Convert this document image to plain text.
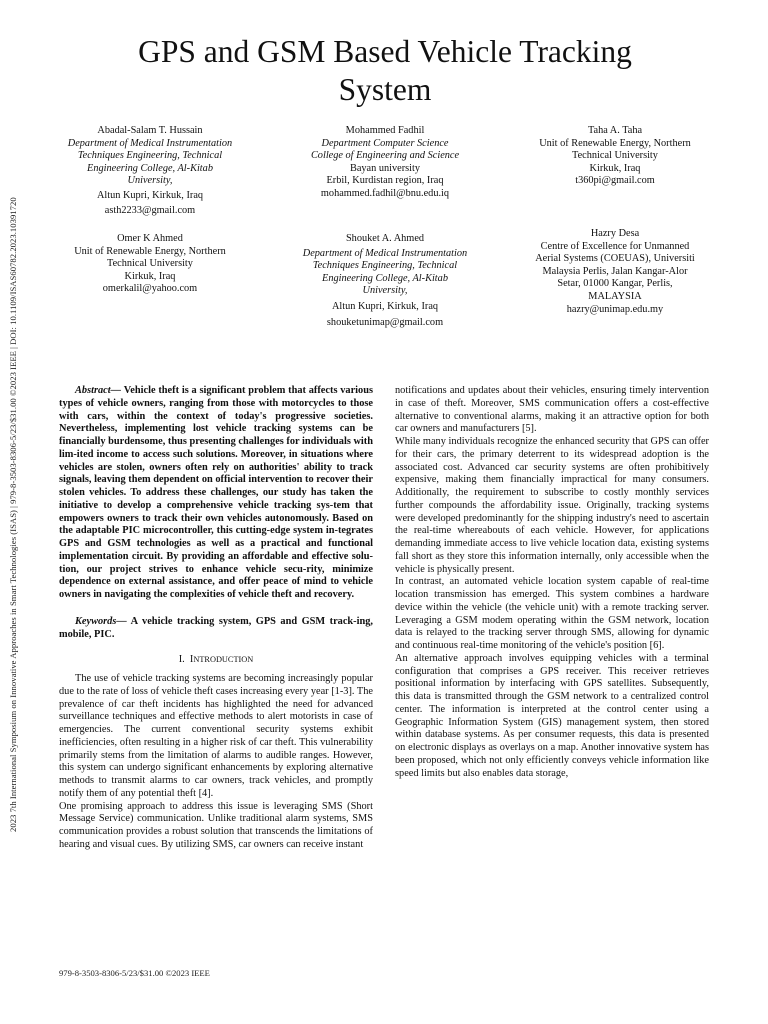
2023 7th International Symposium on Innovative Approaches in Smart Technologies (ISAS) | 979-8-3503-8306-5/23/$31.00 ©2023 IEEE | DOI: 10.1109/ISAS60782.2023.10391720
GPS and GSM Based Vehicle Tracking
System
Abadal-Salam T. Hussain
Department of Medical Instrumentation
Techniques Engineering, Technical
Engineering College, Al-Kitab
University,
Altun Kupri, Kirkuk, Iraq
asth2233@gmail.com
Mohammed Fadhil
Department Computer Science
College of Engineering and Science
Bayan university
Erbil, Kurdistan region, Iraq
mohammed.fadhil@bnu.edu.iq
Taha A. Taha
Unit of Renewable Energy, Northern
Technical University
Kirkuk, Iraq
t360pi@gmail.com
Omer K Ahmed
Unit of Renewable Energy, Northern
Technical University
Kirkuk, Iraq
omerkalil@yahoo.com
Shouket A. Ahmed
Department of Medical Instrumentation
Techniques Engineering, Technical
Engineering College, Al-Kitab
University,
Altun Kupri, Kirkuk, Iraq
shouketunimap@gmail.com
Hazry Desa
Centre of Excellence for Unmanned
Aerial Systems (COEUAS), Universiti
Malaysia Perlis, Jalan Kangar-Alor
Setar, 01000 Kangar, Perlis,
MALAYSIA
hazry@unimap.edu.my

Abstract— Vehicle theft is a significant problem that affects various types of vehicle owners, ranging from those with motorcycles to those with cars, within the context of today's progressive societies. Nevertheless, implementing lost vehicle tracking systems can be financially burdensome, thus presenting challenges for individuals with lim-ited income to access such solutions. Moreover, in situations where vehicles are stolen, owners often rely on authorities' ability to track signals, leaving them dependent on official intervention to recover their stolen vehicles. To address these challenges, our study has taken the initiative to develop a comprehensive vehicle tracking sys-tem that empowers owners to track their own vehicles autonomously. Based on the adaptable PIC microcontroller, this cutting-edge system in-tegrates GPS and GSM technologies as well as a practical and functional implementation circuit. By providing an affordable and effective solu-tion, our project strives to enhance vehicle secu-rity, minimize dependence on external assistance, and offer peace of mind to vehicle owners in navigating the complexities of vehicle theft and recovery.

Keywords— A vehicle tracking system, GPS and GSM track-ing, mobile, PIC.

I. INTRODUCTION

The use of vehicle tracking systems are becoming increasingly popular due to the rate of loss of vehicle theft cases increasing every year [1-3]. The prevalence of car theft incidents has highlighted the need for advanced surveillance techniques and effective methods to alert motorists in case of emergencies. The current conventional security systems exhibit inefficiencies, often resulting in a higher risk of car theft. This vulnerability primarily stems from the limitation of alarms to audible ranges. However, this system can undergo significant enhancements by exploring alternative methods to transmit alarms to car owners, track vehicles, and promptly notify them of any potential theft [4].

One promising approach to address this issue is leveraging SMS (Short Message Service) communication. Unlike traditional alarm systems, SMS communication provides a robust solution that transcends the limitations of hearing and visual cues. By utilizing SMS, car owners can receive instant

notifications and updates about their vehicles, ensuring timely intervention in case of theft. Moreover, SMS communication offers a cost-effective alternative to conventional alarms, making it an attractive option for both car owners and manufacturers [5].

While many individuals recognize the enhanced security that GPS can offer for their cars, the primary deterrent to its widespread adoption is the associated cost. Advanced car security systems are often prohibitively expensive, making them financially impractical for many consumers. Additionally, the requirement to subscribe to costly monthly services further compounds the affordability issue. Originally, tracking systems were developed predominantly for the shipping industry's need to ascertain the real-time whereabouts of each vehicle. However, for applications demanding immediate access to live vehicle location data, existing systems fall short as they store this information internally, only accessible when the vehicle is physically present.

In contrast, an automated vehicle location system capable of real-time location transmission has emerged. This system combines a hardware device within the vehicle (the vehicle unit) with a remote tracking server. Leveraging a GSM modem operating within the GSM network, location data is relayed to the tracking server through SMS, allowing for dynamic and continuous real-time monitoring of the vehicle's position [6].

An alternative approach involves equipping vehicles with a terminal configuration that comprises a GPS receiver. This receiver retrieves positional information by interfacing with GPS satellites. Subsequently, this data is transmitted through the GSM network to a centralized control center. The information is interpreted at the control center using a Geographic Information System (GIS) management system, then stored within database systems. As per consumer requests, this data is presented on electronic displays as overlays on a map. Another innovative system has been proposed, which not only efficiently conveys vehicle information like speed limits but also enables data storage,

979-8-3503-8306-5/23/$31.00 ©2023 IEEE
